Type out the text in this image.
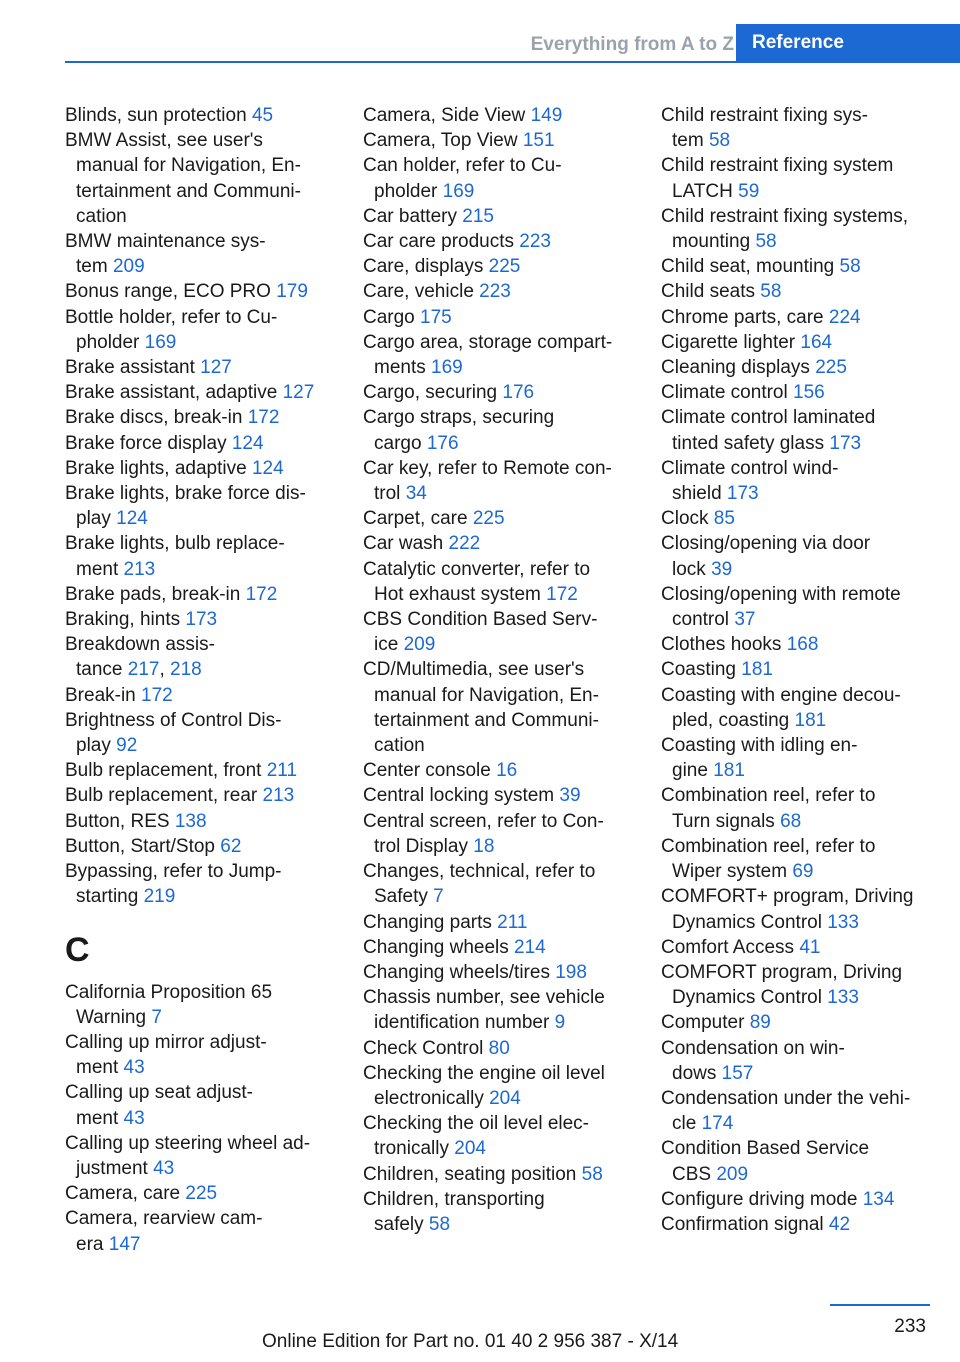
Everything from A to Z Reference
Blinds, sun protection 45
BMW Assist, see user's
manual for Navigation, En‐
tertainment and Communi‐
cation
BMW maintenance sys‐
tem 209
Bonus range, ECO PRO 179
Bottle holder, refer to Cu‐
pholder 169
Brake assistant 127
Brake assistant, adaptive 127
Brake discs, break-in 172
Brake force display 124
Brake lights, adaptive 124
Brake lights, brake force dis‐
play 124
Brake lights, bulb replace‐
ment 213
Brake pads, break-in 172
Braking, hints 173
Breakdown assis‐
tance 217, 218
Break-in 172
Brightness of Control Dis‐
play 92
Bulb replacement, front 211
Bulb replacement, rear 213
Button, RES 138
Button, Start/Stop 62
Bypassing, refer to Jump-
starting 219
C
California Proposition 65
Warning 7
Calling up mirror adjust‐
ment 43
Calling up seat adjust‐
ment 43
Calling up steering wheel ad‐
justment 43
Camera, care 225
Camera, rearview cam‐
era 147
Camera, Side View 149
Camera, Top View 151
Can holder, refer to Cu‐
pholder 169
Car battery 215
Car care products 223
Care, displays 225
Care, vehicle 223
Cargo 175
Cargo area, storage compart‐
ments 169
Cargo, securing 176
Cargo straps, securing
cargo 176
Car key, refer to Remote con‐
trol 34
Carpet, care 225
Car wash 222
Catalytic converter, refer to
Hot exhaust system 172
CBS Condition Based Serv‐
ice 209
CD/Multimedia, see user's
manual for Navigation, En‐
tertainment and Communi‐
cation
Center console 16
Central locking system 39
Central screen, refer to Con‐
trol Display 18
Changes, technical, refer to
Safety 7
Changing parts 211
Changing wheels 214
Changing wheels/tires 198
Chassis number, see vehicle
identification number 9
Check Control 80
Checking the engine oil level
electronically 204
Checking the oil level elec‐
tronically 204
Children, seating position 58
Children, transporting
safely 58
Child restraint fixing sys‐
tem 58
Child restraint fixing system
LATCH 59
Child restraint fixing systems,
mounting 58
Child seat, mounting 58
Child seats 58
Chrome parts, care 224
Cigarette lighter 164
Cleaning displays 225
Climate control 156
Climate control laminated
tinted safety glass 173
Climate control wind‐
shield 173
Clock 85
Closing/opening via door
lock 39
Closing/opening with remote
control 37
Clothes hooks 168
Coasting 181
Coasting with engine decou‐
pled, coasting 181
Coasting with idling en‐
gine 181
Combination reel, refer to
Turn signals 68
Combination reel, refer to
Wiper system 69
COMFORT+ program, Driving
Dynamics Control 133
Comfort Access 41
COMFORT program, Driving
Dynamics Control 133
Computer 89
Condensation on win‐
dows 157
Condensation under the vehi‐
cle 174
Condition Based Service
CBS 209
Configure driving mode 134
Confirmation signal 42
233
Online Edition for Part no. 01 40 2 956 387 - X/14
